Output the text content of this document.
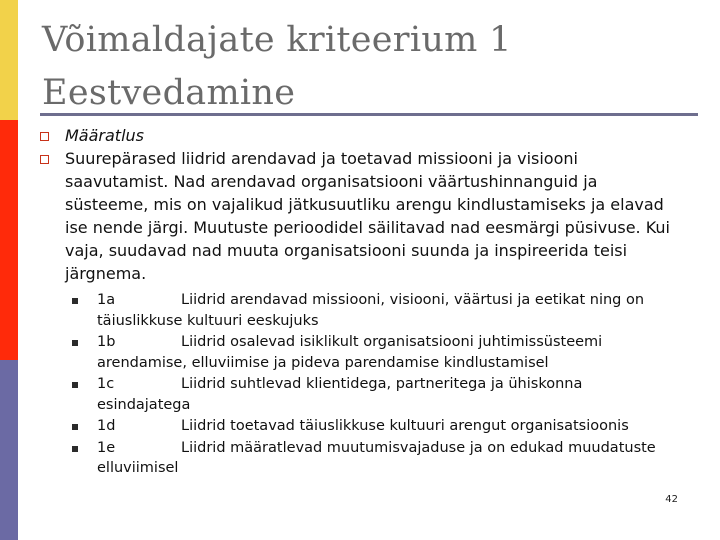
Võimaldajate kriteerium 1
Eestvedamine
Määratlus
Suurepärased liidrid arendavad ja toetavad missiooni ja visiooni saavutamist. Nad arendavad organisatsiooni väärtushinnanguid ja süsteeme, mis on vajalikud jätkusuutliku arengu kindlustamiseks ja elavad ise nende järgi. Muutuste perioodidel säilitavad nad eesmärgi püsivuse. Kui vaja, suudavad nad muuta organisatsiooni suunda ja inspireerida teisi järgnema.
1a	Liidrid arendavad missiooni, visiooni, väärtusi ja eetikat ning on täiuslikkuse kultuuri eeskujuks
1b	Liidrid osalevad isiklikult organisatsiooni juhtimissüsteemi arendamise, elluviimise ja pideva parendamise kindlustamisel
1c	Liidrid suhtlevad klientidega, partneritega ja ühiskonna esindajatega
1d	Liidrid toetavad täiuslikkuse kultuuri arengut organisatsioonis
1e	Liidrid määratlevad muutumisvajaduse ja on edukad muudatuste elluviimisel
42
